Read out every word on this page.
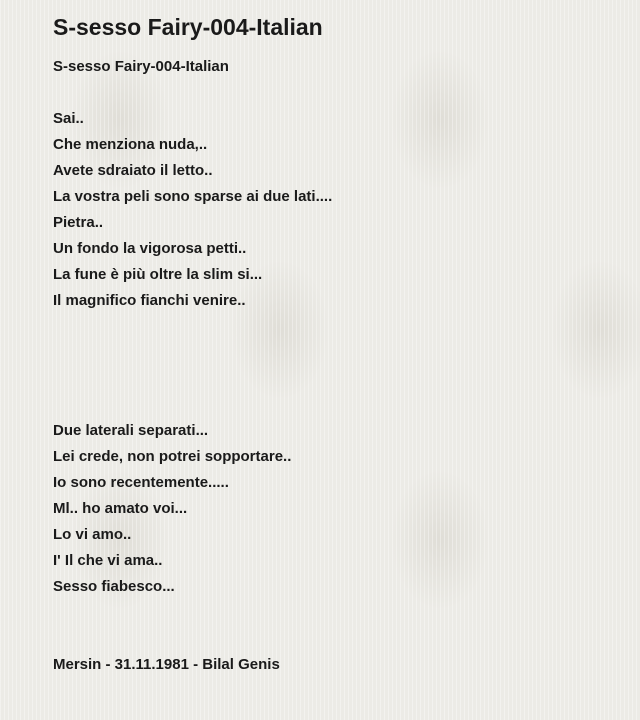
S-sesso Fairy-004-Italian
S-sesso Fairy-004-Italian
Sai..
Che menziona nuda,..
Avete sdraiato il letto..
La vostra peli sono sparse ai due lati....
Pietra..
Un fondo la vigorosa petti..
La fune è più oltre la slim si...
Il magnifico fianchi venire..
Due laterali separati...
Lei crede, non potrei sopportare..
Io sono recentemente.....
Ml.. ho amato voi...
Lo vi amo..
I' Il che vi ama..
Sesso fiabesco...
Mersin - 31.11.1981 - Bilal Genis
